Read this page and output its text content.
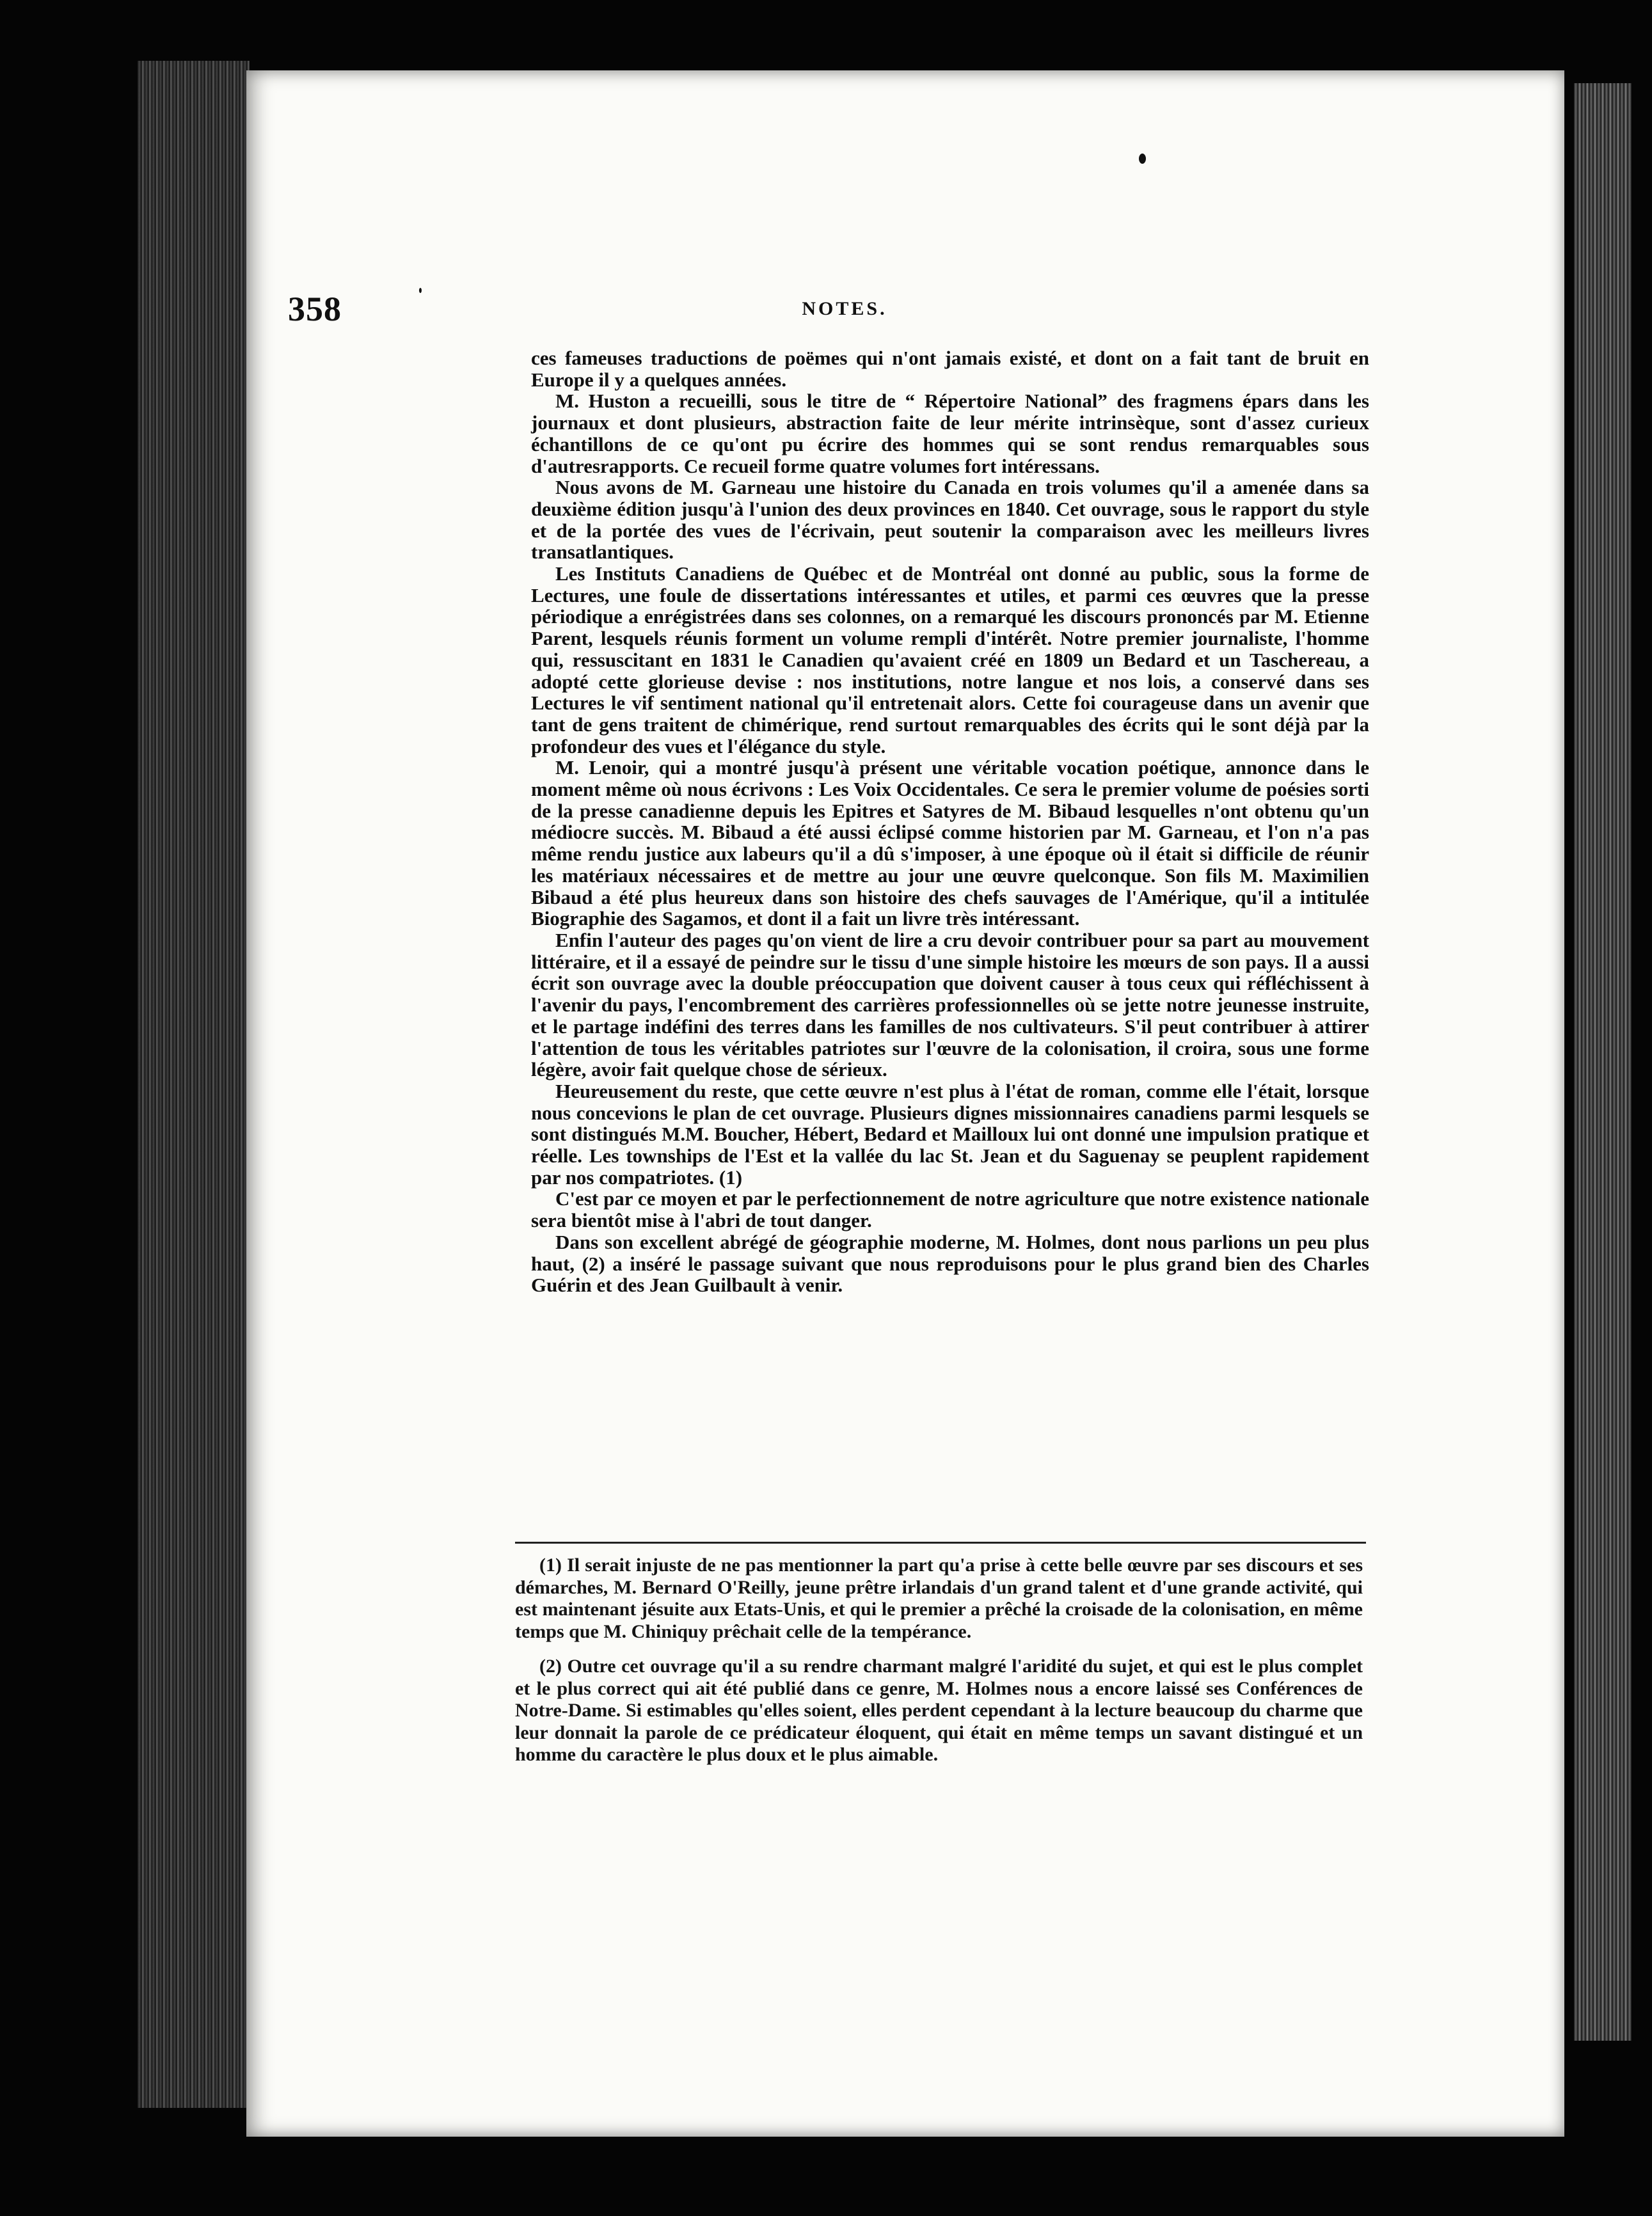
358	NOTES.

ces fameuses traductions de poëmes qui n'ont jamais existé, et dont on a fait tant de bruit en Europe il y a quelques années.

M. Huston a recueilli, sous le titre de “ Répertoire National” des fragmens épars dans les journaux et dont plusieurs, abstraction faite de leur mérite intrinsèque, sont d'assez curieux échantillons de ce qu'ont pu écrire des hommes qui se sont rendus remarquables sous d'autresrapports. Ce recueil forme quatre volumes fort intéressans.

Nous avons de M. Garneau une histoire du Canada en trois volumes qu'il a amenée dans sa deuxième édition jusqu'à l'union des deux provinces en 1840. Cet ouvrage, sous le rapport du style et de la portée des vues de l'écrivain, peut soutenir la comparaison avec les meilleurs livres transatlantiques.

Les Instituts Canadiens de Québec et de Montréal ont donné au public, sous la forme de Lectures, une foule de dissertations intéressantes et utiles, et parmi ces œuvres que la presse périodique a enrégistrées dans ses colonnes, on a remarqué les discours prononcés par M. Etienne Parent, lesquels réunis forment un volume rempli d'intérêt. Notre premier journaliste, l'homme qui, ressuscitant en 1831 le Canadien qu'avaient créé en 1809 un Bedard et un Taschereau, a adopté cette glorieuse devise : nos institutions, notre langue et nos lois, a conservé dans ses Lectures le vif sentiment national qu'il entretenait alors. Cette foi courageuse dans un avenir que tant de gens traitent de chimérique, rend surtout remarquables des écrits qui le sont déjà par la profondeur des vues et l'élégance du style.

M. Lenoir, qui a montré jusqu'à présent une véritable vocation poétique, annonce dans le moment même où nous écrivons : Les Voix Occidentales. Ce sera le premier volume de poésies sorti de la presse canadienne depuis les Epitres et Satyres de M. Bibaud lesquelles n'ont obtenu qu'un médiocre succès. M. Bibaud a été aussi éclipsé comme historien par M. Garneau, et l'on n'a pas même rendu justice aux labeurs qu'il a dû s'imposer, à une époque où il était si difficile de réunir les matériaux nécessaires et de mettre au jour une œuvre quelconque. Son fils M. Maximilien Bibaud a été plus heureux dans son histoire des chefs sauvages de l'Amérique, qu'il a intitulée Biographie des Sagamos, et dont il a fait un livre très intéressant.

Enfin l'auteur des pages qu'on vient de lire a cru devoir contribuer pour sa part au mouvement littéraire, et il a essayé de peindre sur le tissu d'une simple histoire les mœurs de son pays. Il a aussi écrit son ouvrage avec la double préoccupation que doivent causer à tous ceux qui réfléchissent à l'avenir du pays, l'encombrement des carrières professionnelles où se jette notre jeunesse instruite, et le partage indéfini des terres dans les familles de nos cultivateurs. S'il peut contribuer à attirer l'attention de tous les véritables patriotes sur l'œuvre de la colonisation, il croira, sous une forme légère, avoir fait quelque chose de sérieux.

Heureusement du reste, que cette œuvre n'est plus à l'état de roman, comme elle l'était, lorsque nous concevions le plan de cet ouvrage. Plusieurs dignes missionnaires canadiens parmi lesquels se sont distingués M.M. Boucher, Hébert, Bedard et Mailloux lui ont donné une impulsion pratique et réelle. Les townships de l'Est et la vallée du lac St. Jean et du Saguenay se peuplent rapidement par nos compatriotes. (1)

C'est par ce moyen et par le perfectionnement de notre agriculture que notre existence nationale sera bientôt mise à l'abri de tout danger.

Dans son excellent abrégé de géographie moderne, M. Holmes, dont nous parlions un peu plus haut, (2) a inséré le passage suivant que nous reproduisons pour le plus grand bien des Charles Guérin et des Jean Guilbault à venir.

(1) Il serait injuste de ne pas mentionner la part qu'a prise à cette belle œuvre par ses discours et ses démarches, M. Bernard O'Reilly, jeune prêtre irlandais d'un grand talent et d'une grande activité, qui est maintenant jésuite aux Etats-Unis, et qui le premier a prêché la croisade de la colonisation, en même temps que M. Chiniquy prêchait celle de la tempérance.

(2) Outre cet ouvrage qu'il a su rendre charmant malgré l'aridité du sujet, et qui est le plus complet et le plus correct qui ait été publié dans ce genre, M. Holmes nous a encore laissé ses Conférences de Notre-Dame. Si estimables qu'elles soient, elles perdent cependant à la lecture beaucoup du charme que leur donnait la parole de ce prédicateur éloquent, qui était en même temps un savant distingué et un homme du caractère le plus doux et le plus aimable.
